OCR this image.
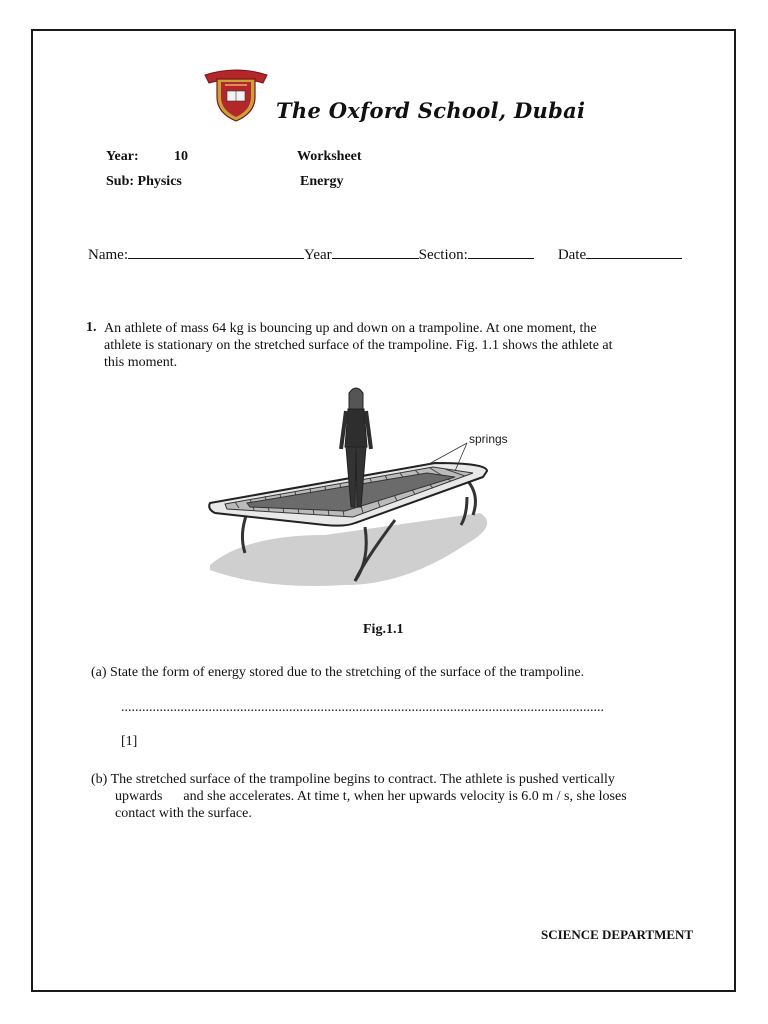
The Oxford School, Dubai
Year:	10	Worksheet
Sub: Physics	Energy
Name:	Year	Section:	Date
1. An athlete of mass 64 kg is bouncing up and down on a trampoline. At one moment, the
athlete is stationary on the stretched surface of the trampoline. Fig. 1.1 shows the athlete at
this moment.
springs
Fig.1.1
(a) State the form of energy stored due to the stretching of the surface of the trampoline.
..........................................................................................................................................
[1]
(b) The stretched surface of the trampoline begins to contract. The athlete is pushed vertically
upwards      and she accelerates. At time t, when her upwards velocity is 6.0 m / s, she loses
contact with the surface.
SCIENCE DEPARTMENT
